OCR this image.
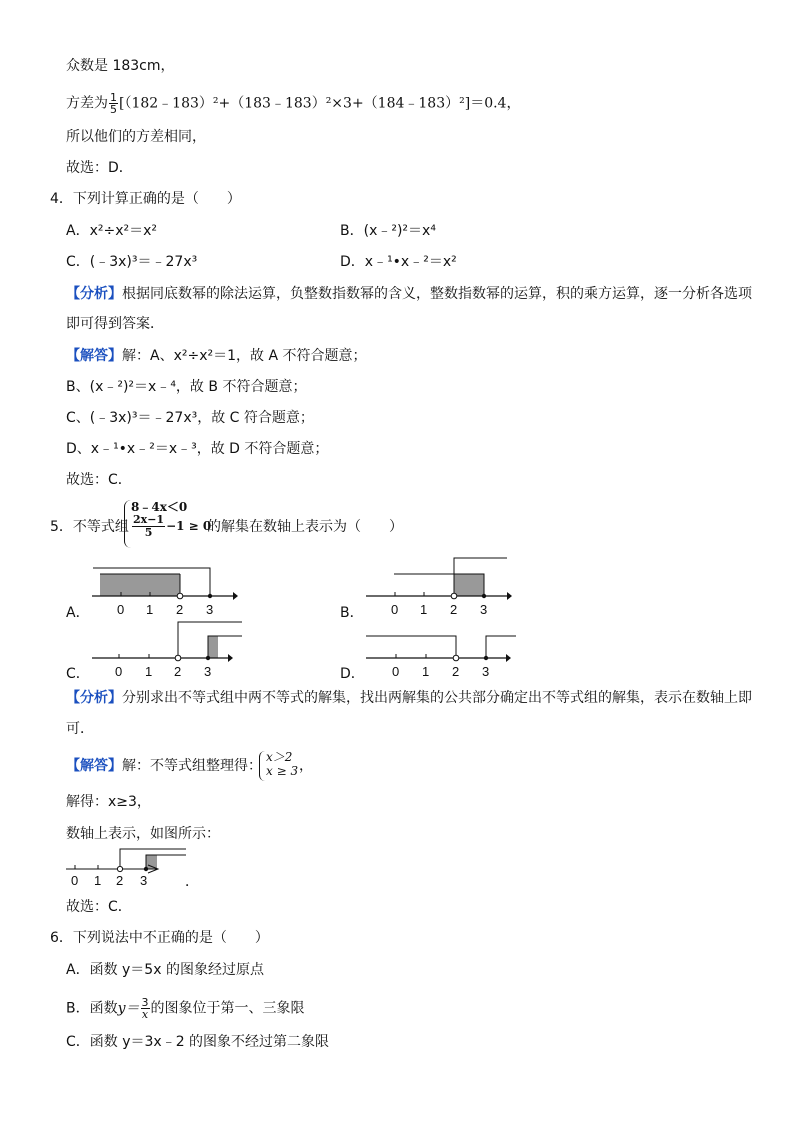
众数是 183cm，
方差为 $\frac{1}{5}$ [（182﹣183）²+（183﹣183）²×3+（184﹣183）²]＝0.4，
所以他们的方差相同，
故选：D．
4．下列计算正确的是（　　）
A．x²÷x²＝x²	B．(x﹣²)²＝x⁴
C．(﹣3x)³＝﹣27x³	D．x﹣¹•x﹣²＝x²
【分析】根据同底数幂的除法运算，负整数指数幂的含义，整数指数幂的运算，积的乘方运算，逐一分析各选项
即可得到答案．
【解答】解：A、x²÷x²＝1，故 A 不符合题意；
B、(x﹣²)²＝x﹣⁴，故 B 不符合题意；
C、(﹣3x)³＝﹣27x³，故 C 符合题意；
D、x﹣¹•x﹣²＝x﹣³，故 D 不符合题意；
故选：C．
5．不等式组
8﹣4x＜0
$\frac{2x-1}{5} -1 \ge 0$
的解集在数轴上表示为（　　）
A． 0 1 2 3	B． 0 1 2 3
C． 0 1 2 3	D． 0 1 2 3
【分析】分别求出不等式组中两不等式的解集，找出两解集的公共部分确定出不等式组的解集，表示在数轴上即
可．
【解答】解：不等式组整理得：
x＞2
x ≥ 3 ，
解得：x≥3，
数轴上表示，如图所示：
0 1 2 3	．
故选：C．
6．下列说法中不正确的是（　　）
A．函数 y＝5x 的图象经过原点
B．函数$y= \frac{3}{x}$ 的图象位于第一、三象限
C．函数 y＝3x﹣2 的图象不经过第二象限
